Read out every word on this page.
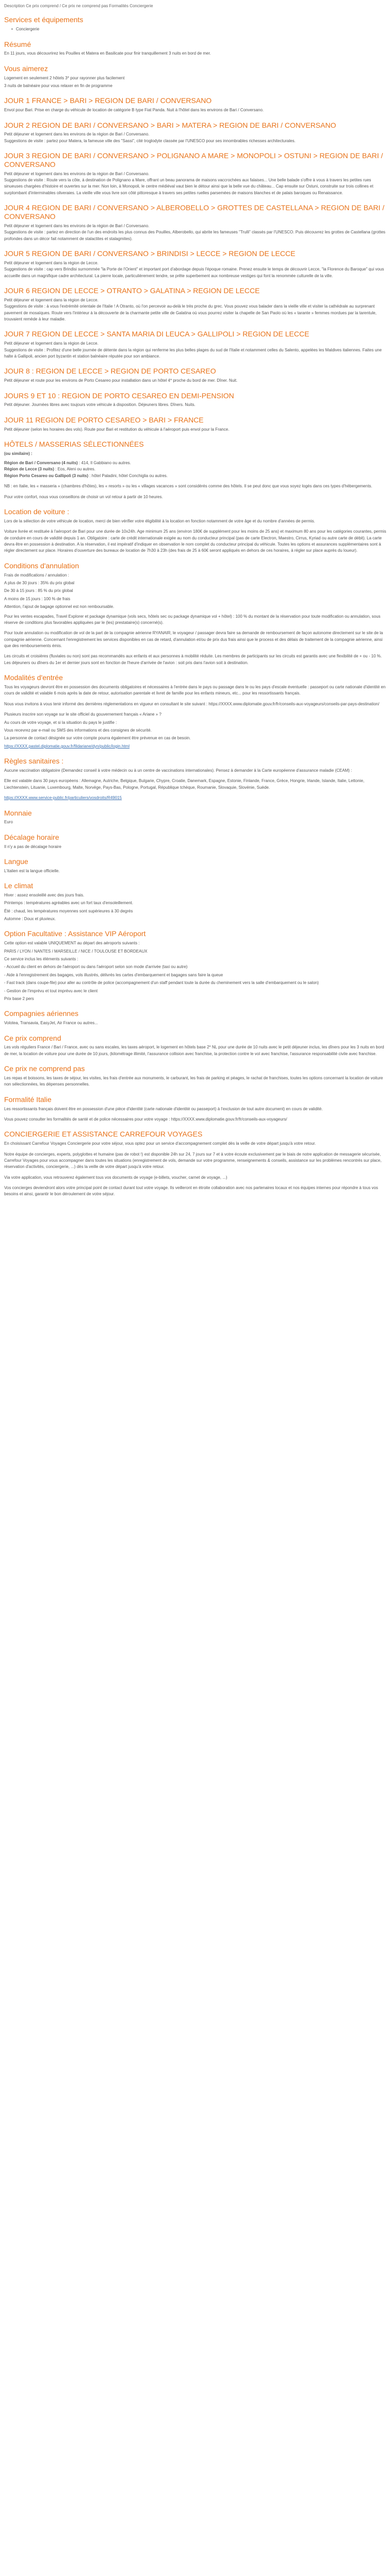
Description Ce prix comprend / Ce prix ne comprend pas Formalités Conciergerie
Services et équipements
• Conciergerie
Résumé

En 11 jours, vous découvrirez les Pouilles et Matera en Basilicate pour finir tranquillement 3 nuits en bord de mer.

Vous aimerez

Logement en seulement 2 hôtels 3* pour rayonner plus facilement

3 nuits de balnéaire pour vous relaxer en fin de programme

JOUR 1 FRANCE > BARI > REGION DE BARI / CONVERSANO

Envol pour Bari. Prise en charge du véhicule de location de catégorie B type Fiat Panda. Nuit à l'hôtel dans les environs de Bari / Conversano.

JOUR 2 REGION DE BARI / CONVERSANO > BARI > MATERA > REGION DE BARI / CONVERSANO

Petit déjeuner et logement dans les environs de la région de Bari / Conversano.

Suggestions de visite : partez pour Matera, la fameuse ville des "Sassi", cité troglodyte classée par l'UNESCO pour ses innombrables richesses architecturales.

JOUR 3 REGION DE BARI / CONVERSANO > POLIGNANO A MARE > MONOPOLI > OSTUNI > REGION DE BARI / CONVERSANO

Petit déjeuner et logement dans les environs de la région de Bari / Conversano.

Suggestions de visite : Route vers la côte, à destination de Polignano a Mare, offrant un beau panorama de maisons vaccrochées aux falaises... Une belle balade s'offre à vous à travers les petites rues sinueuses chargées d'histoire et ouvertes sur la mer. Non loin, à Monopoli, le centre médiéval vaut bien le détour ainsi que la belle vue du château... Cap ensuite sur Ostuni, construite sur trois collines et surplombant d'interminables oliveraies. La vieille ville vous livre son côté pittoresque à travers ses petites ruelles parsemées de maisons blanches et de palais baroques ou Renaissance.

JOUR 4 REGION DE BARI / CONVERSANO > ALBEROBELLO > GROTTES DE CASTELLANA > REGION DE BARI / CONVERSANO

Petit déjeuner et logement dans les environs de la région de Bari / Conversano.

Suggestions de visite : partez en direction de l'un des endroits les plus connus des Pouilles, Alberobello, qui abrite les fameuses "Trulli" classés par l'UNESCO. Puis découvrez les grottes de Castellana (grottes profondes dans un décor fait notamment de stalactites et stalagmites).

JOUR 5 REGION DE BARI / CONVERSANO > BRINDISI > LECCE > REGION DE LECCE

Petit déjeuner et logement dans la région de Lecce.

Suggestions de visite : cap vers Brindisi surnommée "la Porte de l'Orient" et important port d'abordage depuis l'époque romaine. Prenez ensuite le temps de découvrir Lecce, "la Florence du Baroque" qui vous accueille dans un magnifique cadre architectural. La pierre locale, particulièrement tendre, se prête superbement aux nombreuse vestiges qui font la renommée culturelle de la ville.

JOUR 6 REGION DE LECCE > OTRANTO > GALATINA > REGION DE LECCE

Petit déjeuner et logement dans la région de Lecce.

Suggestions de visite : à vous l'extrémité orientale de l'Italie ! A Otranto, où l'on percevoir au-delà le très proche du grec. Vous pouvez vous balader dans la vieille ville et visiter la cathédrale au surprenant pavement de mosaïques. Route vers l'intérieur à la découverte de la charmante petite ville de Galatina où vous pourrez visiter la chapelle de San Paolo où les « tarante » femmes mordues par la tarentule, trouvaient remède à leur maladie.

JOUR 7 REGION DE LECCE > SANTA MARIA DI LEUCA > GALLIPOLI > REGION DE LECCE

Petit déjeuner et logement dans la région de Lecce.

Suggestions de visite : Profitez d'une belle journée de détente dans la région qui renferme les plus belles plages du sud de l'Italie et notamment celles du Salento, appelées les Maldives italiennes. Faites une halte à Gallipoli, ancien port byzantin et station balnéaire réputée pour son ambiance.

JOUR 8 : REGION DE LECCE > REGION DE PORTO CESAREO

Petit déjeuner et route pour les environs de Porto Cesareo pour installation dans un hôtel 4* proche du bord de mer. Dîner. Nuit.

JOURS 9 ET 10 : REGION DE PORTO CESAREO EN DEMI-PENSION

Petit déjeuner. Journées libres avec toujours votre véhicule à disposition. Déjeuners libres. Dîners. Nuits.

JOUR 11 REGION DE PORTO CESAREO > BARI > FRANCE

Petit déjeuner (selon les horaires des vols). Route pour Bari et restitution du véhicule à l'aéroport puis envol pour la France.

HÔTELS / MASSERIAS SÉLECTIONNÉES

(ou similaire) :

Région de Bari / Conversano (4 nuits) : 414, Il Gabbiano ou autres.

Région de Lecce (3 nuits) : Eos, Aleni ou autres.

Région Porto Cesareo ou Gallipoli (3 nuits) : hôtel Paladini, hôtel Conchiglia ou autres.

NB : en Italie, les « masseria » (chambres d'hôtes), les « resorts » ou les « villages vacances » sont considérés comme des hôtels. Il se peut donc que vous soyez logés dans ces types d'hébergements.

Pour votre confort, nous vous conseillons de choisir un vol retour à partir de 10 heures.

Location de voiture :

Lors de la sélection de votre véhicule de location, merci de bien vérifier votre éligibilité à la location en fonction notamment de votre âge et du nombre d'années de permis.

Voiture livrée et restituée à l'aéroport de Bari pour une durée de 10x24h. Age minimum 25 ans (environ 180€ de supplément pour les moins de 25 ans) et maximum 80 ans pour les catégories courantes, permis de conduire en cours de validité depuis 1 an. Obligatoire : carte de crédit internationale exigée au nom du conducteur principal (pas de carte Electron, Maestro, Cirrus, Kyriad ou autre carte de débit). La carte devra être en possession à destination. A la réservation, il est impératif d'indiquer en observation le nom complet du conducteur principal du véhicule. Toutes les options et assurances supplémentaires sont à régler directement sur place. Horaires d'ouverture des bureaux de location de 7h30 à 23h (des frais de 25 à 60€ seront appliqués en dehors de ces horaires, à régler sur place auprès du loueur).

Conditions d'annulation

Frais de modifications / annulation :

A plus de 30 jours : 35% du prix global

De 30 à 15 jours : 85 % du prix global

A moins de 15 jours : 100 % de frais

Attention, l'ajout de bagage optionnel est non remboursable.

Pour les ventes escapades, Travel Explorer et package dynamique (vols secs, hôtels sec ou package dynamique vol + hôtel) : 100 % du montant de la réservation pour toute modification ou annulation, sous réserve de conditions plus favorables appliquées par le (les) prestataire(s) concerné(s).

Pour toute annulation ou modification de vol de la part de la compagnie aérienne RYANAIR, le voyageur / passager devra faire sa demande de remboursement de façon autonome directement sur le site de la compagnie aérienne. Concernant l'enregistrement les services disponibles en cas de retard, d'annulation et/ou de prix dus frais ainsi que le process et des délais de traitement de la compagnie aérienne, ainsi que des remboursements émis.

Les circuits et croisières (fluviales ou non) sont pas recommandés aux enfants et aux personnes à mobilité réduite. Les membres de participants sur les circuits est garantis avec une flexibilité de + ou - 10 %. Les déjeuners ou dîners du 1er et dernier jours sont en fonction de l'heure d'arrivée de l'avion : soit pris dans l'avion soit à destination.

Modalités d'entrée

Tous les voyageurs devront être en possession des documents obligatoires et nécessaires à l'entrée dans le pays ou passage dans le ou les pays d'escale éventuelle : passeport ou carte nationale d'identité en cours de validité et valable 6 mois après la date de retour, autorisation parentale et livret de famille pour les enfants mineurs, etc... pour les ressortissants français.

Nous vous invitons à vous tenir informé des dernières réglementations en vigueur en consultant le site suivant : https://XXXX.www.diplomatie.gouv.fr/fr/conseils-aux-voyageurs/conseils-par-pays-destination/

Plusieurs inscrire son voyage sur le site officiel du gouvernement français « Ariane » ?

Au cours de votre voyage, et si la situation du pays le justifie :

Vous recevrez par e-mail ou SMS des informations et des consignes de sécurité.

La personne de contact désignée sur votre compte pourra également être prévenue en cas de besoin.

https://XXXX.pastel.diplomatie.gouv.fr/fildariane/dyn/public/login.html

Règles sanitaires :

Aucune vaccination obligatoire (Demandez conseil à votre médecin ou à un centre de vaccinations internationales). Pensez à demander à la Carte européenne d'assurance maladie (CEAM) :

Elle est valable dans 30 pays européens : Allemagne, Autriche, Belgique, Bulgarie, Chypre, Croatie, Danemark, Espagne, Estonie, Finlande, France, Grèce, Hongrie, Irlande, Islande, Italie, Lettonie, Liechtenstein, Lituanie, Luxembourg, Malte, Norvège, Pays-Bas, Pologne, Portugal, République tchèque, Roumanie, Slovaquie, Slovénie, Suède.

https://XXXX.www.service-public.fr/particuliers/vosdroits/R49015

Monnaie

Euro

Décalage horaire

Il n'y a pas de décalage horaire

Langue

L'italien est la langue officielle.

Le climat

Hiver : assez ensoleillé avec des jours frais.

Printemps : températures agréables avec un fort taux d'ensoleillement.

Été : chaud, les températures moyennes sont supérieures à 30 degrés

Automne : Doux et pluvieux.

Option Facultative : Assistance VIP Aéroport

Cette option est valable UNIQUEMENT au départ des aéroports suivants :

PARIS / LYON / NANTES / MARSEILLE / NICE / TOULOUSE ET BORDEAUX

Ce service inclus les éléments suivants :

- Accueil du client en dehors de l'aéroport ou dans l'aéroport selon son mode d'arrivée (taxi ou autre)

- Aide à l'enregistrement des bagages, vols illustrés, délivrés les cartes d'embarquement et bagages sans faire la queue

- Fast track (dans coupe-file) pour aller au contrôle de police (accompagnement d'un staff pendant toute la durée du cheminement vers la salle d'embarquement ou le salon)

- Gestion de l'imprévu et tout imprévu avec le client

Prix base 2 pers

Compagnies aériennes

Volotea, Transavia, EasyJet, Air France ou autres...

Ce prix comprend

Les vols réguliers France / Bari / France, avec ou sans escales, les taxes aéroport, le logement en hôtels base 2* NL pour une durée de 10 nuits avec le petit déjeuner inclus, les dîners pour les 3 nuits en bord de mer, la location de voiture pour une durée de 10 jours, (kilométrage illimité, l'assurance collision avec franchise, la protection contre le vol avec franchise, l'assurance responsabilité civile avec franchise.

Ce prix ne comprend pas

Les repas et boissons, les taxes de séjour, les visites, les frais d'entrée aux monuments, le carburant, les frais de parking et péages, le rachat de franchises, toutes les options concernant la location de voiture non sélectionnées, les dépenses personnelles.

Formalité Italie

Les ressortissants français doivent être en possession d'une pièce d'identité (carte nationale d'identité ou passeport) à l'exclusion de tout autre document) en cours de validité.

Vous pouvez consulter les formalités de santé et de police nécessaires pour votre voyage : https://XXXX.www.diplomatie.gouv.fr/fr/conseils-aux-voyageurs/

CONCIERGERIE ET ASSISTANCE CARREFOUR VOYAGES

En choisissant Carrefour Voyages Conciergerie pour votre séjour, vous optez pour un service d'accompagnement complet dès la veille de votre départ jusqu'à votre retour.

Notre équipe de concierges, experts, polyglottes et humaine (pas de robot !) est disponible 24h sur 24, 7 jours sur 7 et à votre écoute exclusivement par le biais de notre application de messagerie sécurisée, Carrefour Voyages pour vous accompagner dans toutes les situations (enregistrement de vols, demande sur votre programme, renseignements & conseils, assistance sur les problèmes rencontrés sur place, réservation d'activités, conciergerie, ...) dès la veille de votre départ jusqu'à votre retour.

Via votre application, vous retrouverez également tous vos documents de voyage (e-billets, voucher, carnet de voyage, ...)

Vos concierges deviendront alors votre principal point de contact durant tout votre voyage. Ils veilleront en étroite collaboration avec nos partenaires locaux et nos équipes internes pour répondre à tous vos besoins et ainsi, garantir le bon déroulement de votre séjour.
